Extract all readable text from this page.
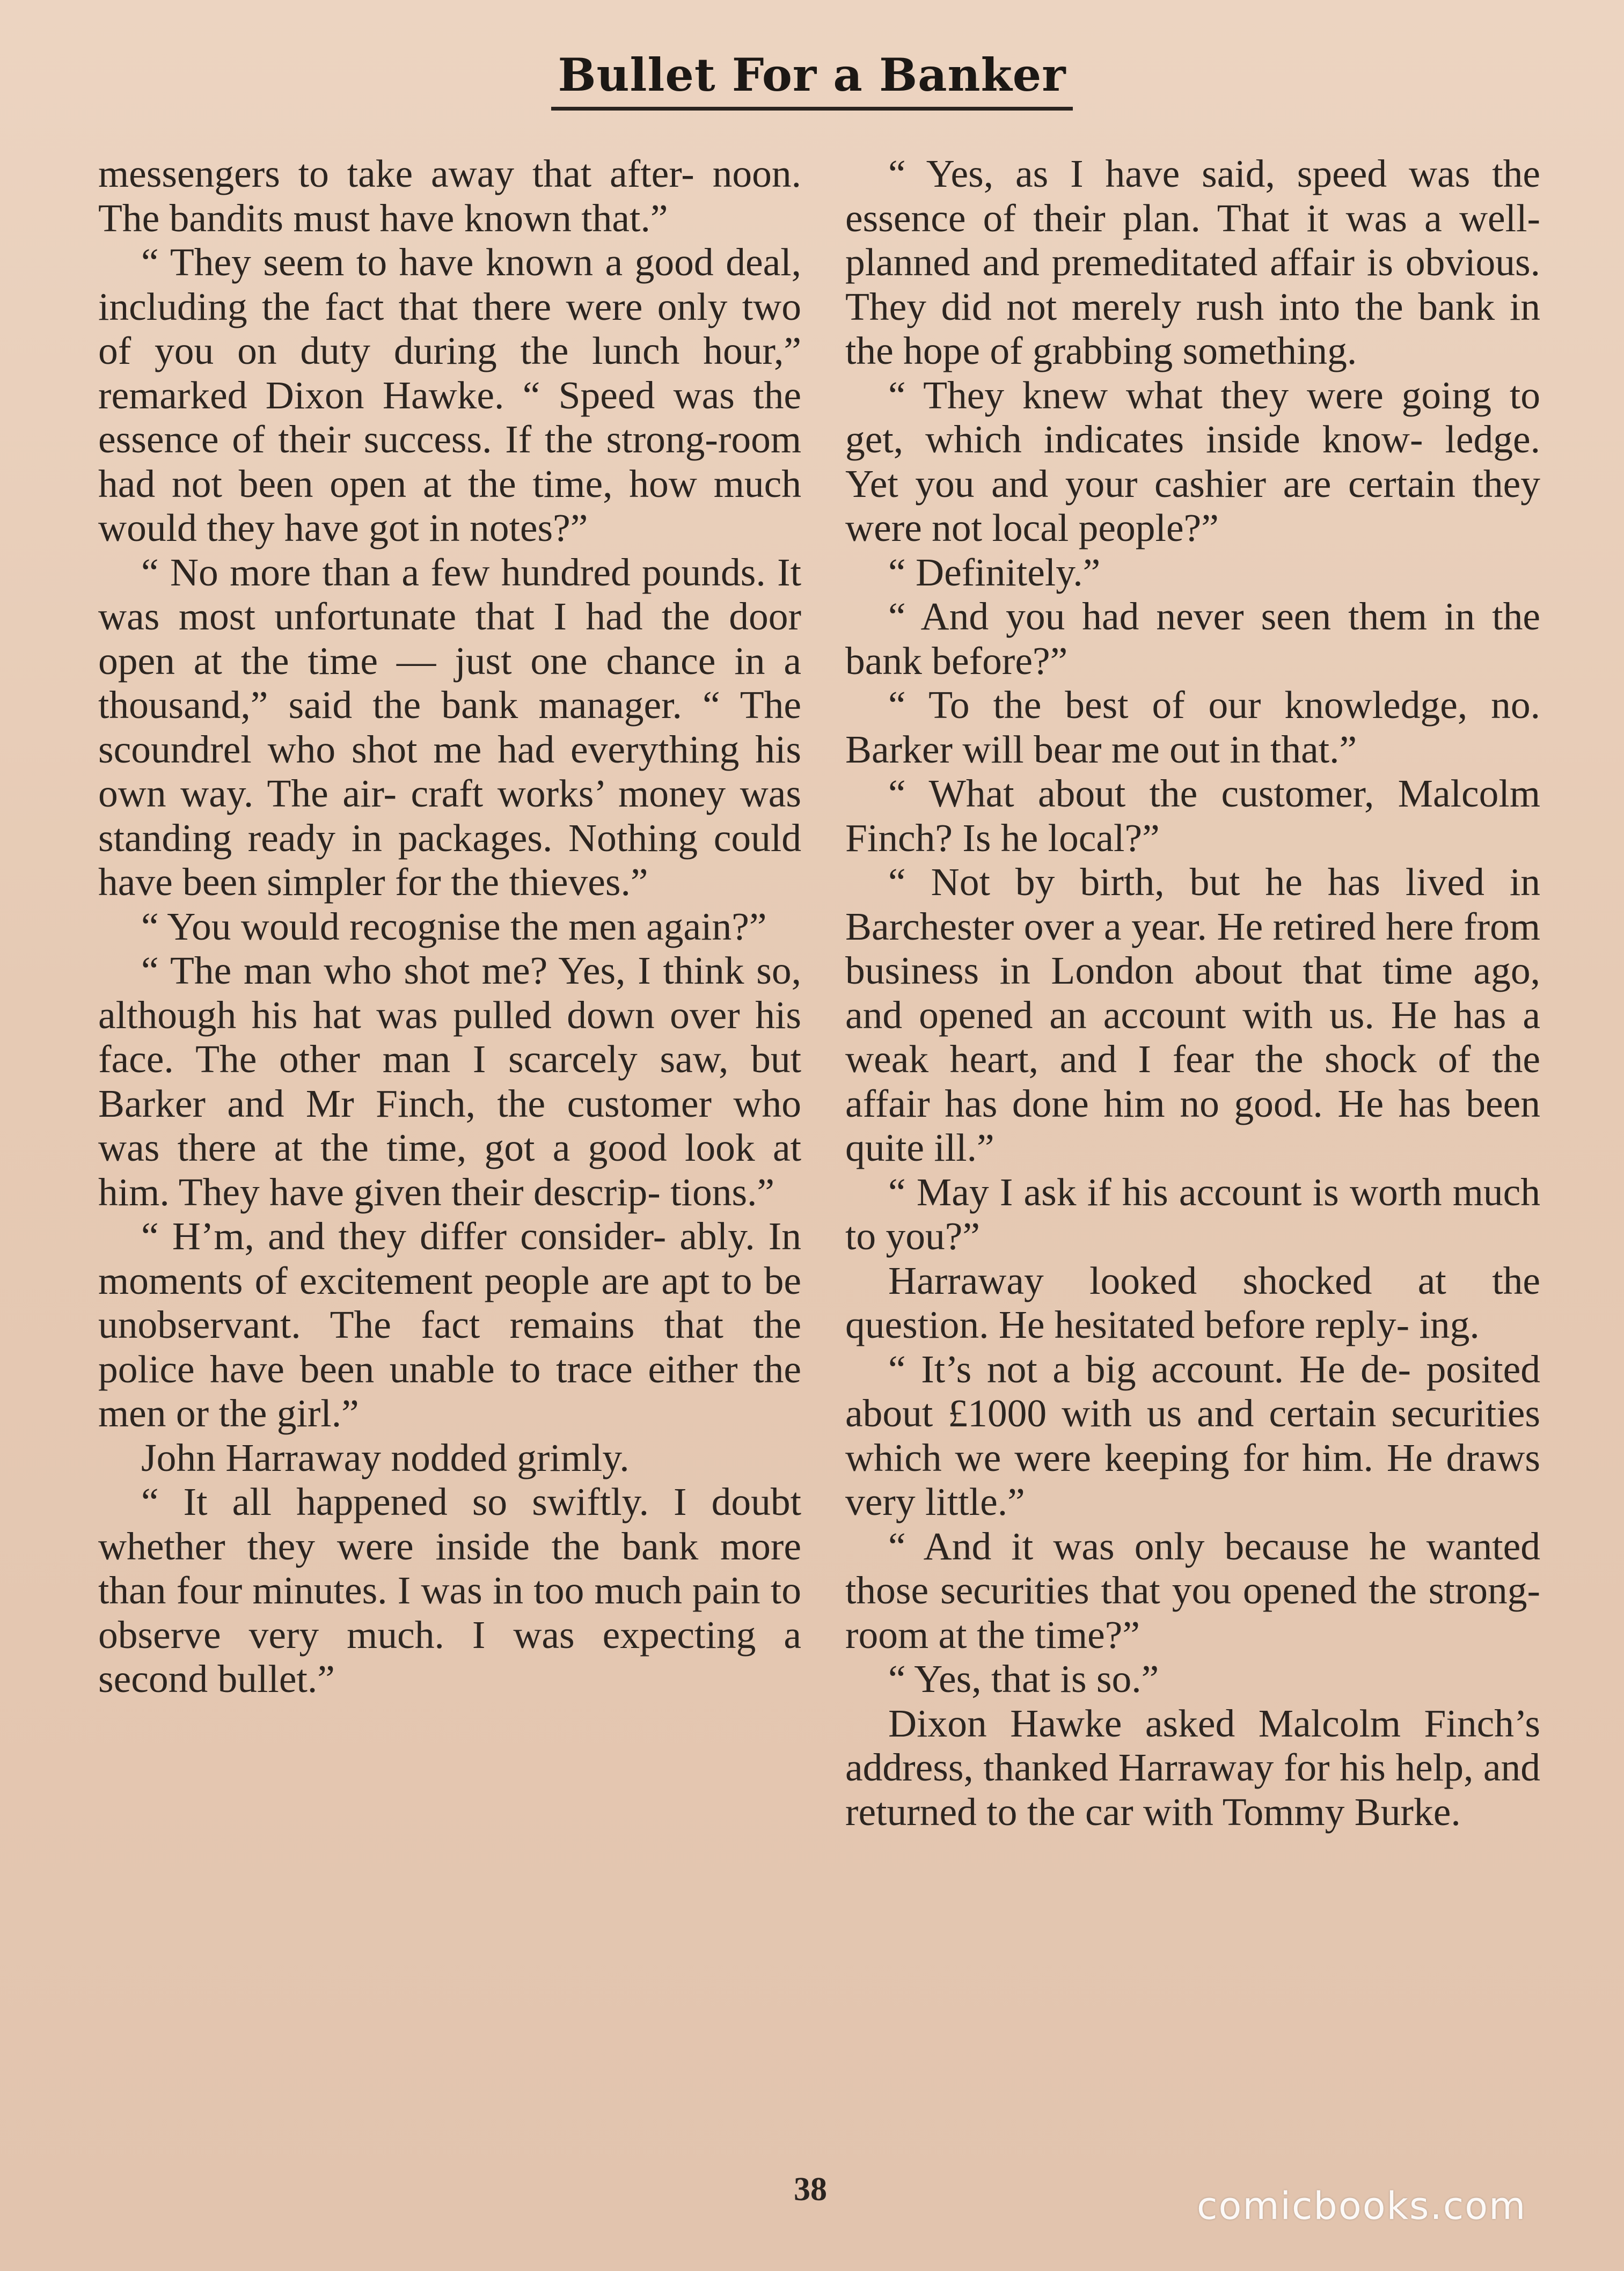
Bullet For a Banker

messengers to take away that after- noon. The bandits must have known that.”

“ They seem to have known a good deal, including the fact that there were only two of you on duty during the lunch hour,” remarked Dixon Hawke. “ Speed was the essence of their success. If the strong-room had not been open at the time, how much would they have got in notes?”

“ No more than a few hundred pounds. It was most unfortunate that I had the door open at the time — just one chance in a thousand,” said the bank manager. “ The scoundrel who shot me had everything his own way. The air- craft works’ money was standing ready in packages. Nothing could have been simpler for the thieves.”

“ You would recognise the men again?”

“ The man who shot me? Yes, I think so, although his hat was pulled down over his face. The other man I scarcely saw, but Barker and Mr Finch, the customer who was there at the time, got a good look at him. They have given their descrip- tions.”

“ H’m, and they differ consider- ably. In moments of excitement people are apt to be unobservant. The fact remains that the police have been unable to trace either the men or the girl.”

John Harraway nodded grimly.

“ It all happened so swiftly. I doubt whether they were inside the bank more than four minutes. I was in too much pain to observe very much. I was expecting a second bullet.”

“ Yes, as I have said, speed was the essence of their plan. That it was a well-planned and premeditated affair is obvious. They did not merely rush into the bank in the hope of grabbing something.

“ They knew what they were going to get, which indicates inside know- ledge. Yet you and your cashier are certain they were not local people?”

“ Definitely.”

“ And you had never seen them in the bank before?”

“ To the best of our knowledge, no. Barker will bear me out in that.”

“ What about the customer, Malcolm Finch? Is he local?”

“ Not by birth, but he has lived in Barchester over a year. He retired here from business in London about that time ago, and opened an account with us. He has a weak heart, and I fear the shock of the affair has done him no good. He has been quite ill.”

“ May I ask if his account is worth much to you?”

Harraway looked shocked at the question. He hesitated before reply- ing.

“ It’s not a big account. He de- posited about £1000 with us and certain securities which we were keeping for him. He draws very little.”

“ And it was only because he wanted those securities that you opened the strong-room at the time?”

“ Yes, that is so.”

Dixon Hawke asked Malcolm Finch’s address, thanked Harraway for his help, and returned to the car with Tommy Burke.

38	comicbooks.com
